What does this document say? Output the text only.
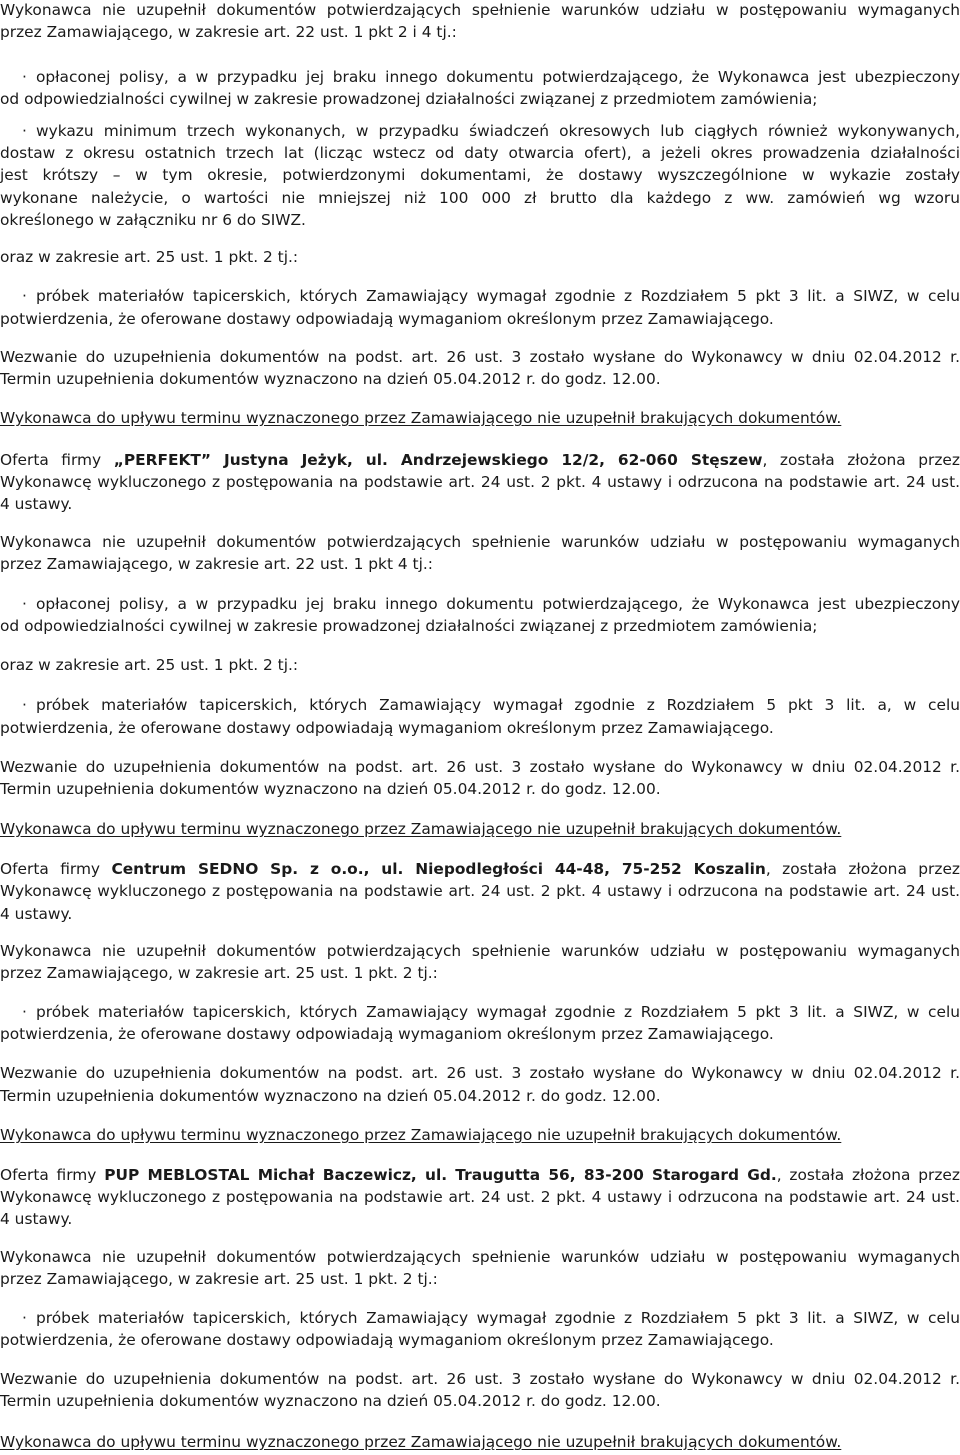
Wykonawca nie uzupełnił dokumentów potwierdzających spełnienie warunków udziału w postępowaniu wymaganych
przez Zamawiającego, w zakresie art. 22 ust. 1 pkt 2 i 4 tj.:
· opłaconej polisy, a w przypadku jej braku innego dokumentu potwierdzającego, że Wykonawca jest ubezpieczony
od odpowiedzialności cywilnej w zakresie prowadzonej działalności związanej z przedmiotem zamówienia;
· wykazu minimum trzech wykonanych, w przypadku świadczeń okresowych lub ciągłych również wykonywanych,
dostaw z okresu ostatnich trzech lat (licząc wstecz od daty otwarcia ofert), a jeżeli okres prowadzenia działalności
jest krótszy – w tym okresie, potwierdzonymi dokumentami, że dostawy wyszczególnione w wykazie zostały
wykonane należycie, o wartości nie mniejszej niż 100 000 zł brutto dla każdego z ww. zamówień wg wzoru
określonego w załączniku nr 6 do SIWZ.
oraz w zakresie art. 25 ust. 1 pkt. 2 tj.:
· próbek materiałów tapicerskich, których Zamawiający wymagał zgodnie z Rozdziałem 5 pkt 3 lit. a SIWZ, w celu
potwierdzenia, że oferowane dostawy odpowiadają wymaganiom określonym przez Zamawiającego.
Wezwanie do uzupełnienia dokumentów na podst. art. 26 ust. 3 zostało wysłane do Wykonawcy w dniu 02.04.2012 r.
Termin uzupełnienia dokumentów wyznaczono na dzień 05.04.2012 r. do godz. 12.00.
Wykonawca do upływu terminu wyznaczonego przez Zamawiającego nie uzupełnił brakujących dokumentów.
Oferta firmy „PERFEKT” Justyna Jeżyk, ul. Andrzejewskiego 12/2, 62-060 Stęszew, została złożona przez
Wykonawcę wykluczonego z postępowania na podstawie art. 24 ust. 2 pkt. 4 ustawy i odrzucona na podstawie art. 24 ust.
4 ustawy.
Wykonawca nie uzupełnił dokumentów potwierdzających spełnienie warunków udziału w postępowaniu wymaganych
przez Zamawiającego, w zakresie art. 22 ust. 1 pkt 4 tj.:
· opłaconej polisy, a w przypadku jej braku innego dokumentu potwierdzającego, że Wykonawca jest ubezpieczony
od odpowiedzialności cywilnej w zakresie prowadzonej działalności związanej z przedmiotem zamówienia;
oraz w zakresie art. 25 ust. 1 pkt. 2 tj.:
· próbek materiałów tapicerskich, których Zamawiający wymagał zgodnie z Rozdziałem 5 pkt 3 lit. a, w celu
potwierdzenia, że oferowane dostawy odpowiadają wymaganiom określonym przez Zamawiającego.
Wezwanie do uzupełnienia dokumentów na podst. art. 26 ust. 3 zostało wysłane do Wykonawcy w dniu 02.04.2012 r.
Termin uzupełnienia dokumentów wyznaczono na dzień 05.04.2012 r. do godz. 12.00.
Wykonawca do upływu terminu wyznaczonego przez Zamawiającego nie uzupełnił brakujących dokumentów.
Oferta firmy Centrum SEDNO Sp. z o.o., ul. Niepodległości 44-48, 75-252 Koszalin, została złożona przez
Wykonawcę wykluczonego z postępowania na podstawie art. 24 ust. 2 pkt. 4 ustawy i odrzucona na podstawie art. 24 ust.
4 ustawy.
Wykonawca nie uzupełnił dokumentów potwierdzających spełnienie warunków udziału w postępowaniu wymaganych
przez Zamawiającego, w zakresie art. 25 ust. 1 pkt. 2 tj.:
· próbek materiałów tapicerskich, których Zamawiający wymagał zgodnie z Rozdziałem 5 pkt 3 lit. a SIWZ, w celu
potwierdzenia, że oferowane dostawy odpowiadają wymaganiom określonym przez Zamawiającego.
Wezwanie do uzupełnienia dokumentów na podst. art. 26 ust. 3 zostało wysłane do Wykonawcy w dniu 02.04.2012 r.
Termin uzupełnienia dokumentów wyznaczono na dzień 05.04.2012 r. do godz. 12.00.
Wykonawca do upływu terminu wyznaczonego przez Zamawiającego nie uzupełnił brakujących dokumentów.
Oferta firmy PUP MEBLOSTAL Michał Baczewicz, ul. Traugutta 56, 83-200 Starogard Gd., została złożona przez
Wykonawcę wykluczonego z postępowania na podstawie art. 24 ust. 2 pkt. 4 ustawy i odrzucona na podstawie art. 24 ust.
4 ustawy.
Wykonawca nie uzupełnił dokumentów potwierdzających spełnienie warunków udziału w postępowaniu wymaganych
przez Zamawiającego, w zakresie art. 25 ust. 1 pkt. 2 tj.:
· próbek materiałów tapicerskich, których Zamawiający wymagał zgodnie z Rozdziałem 5 pkt 3 lit. a SIWZ, w celu
potwierdzenia, że oferowane dostawy odpowiadają wymaganiom określonym przez Zamawiającego.
Wezwanie do uzupełnienia dokumentów na podst. art. 26 ust. 3 zostało wysłane do Wykonawcy w dniu 02.04.2012 r.
Termin uzupełnienia dokumentów wyznaczono na dzień 05.04.2012 r. do godz. 12.00.
Wykonawca do upływu terminu wyznaczonego przez Zamawiającego nie uzupełnił brakujących dokumentów.
